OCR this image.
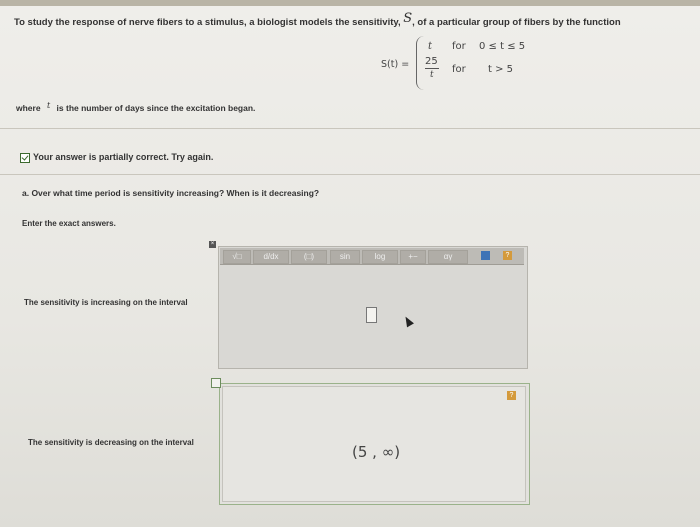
To study the response of nerve fibers to a stimulus, a biologist models the sensitivity, S, of a particular group of fibers by the function
S(t) =
t for 0 ≤ t ≤ 5
25
t for t > 5
where t is the number of days since the excitation began.
Your answer is partially correct. Try again.
a. Over what time period is sensitivity increasing? When is it decreasing?
Enter the exact answers.
×
√□	d/dx	(□)	sin	log	+−	αγ	?
The sensitivity is increasing on the interval
?
(5 , ∞)
The sensitivity is decreasing on the interval
